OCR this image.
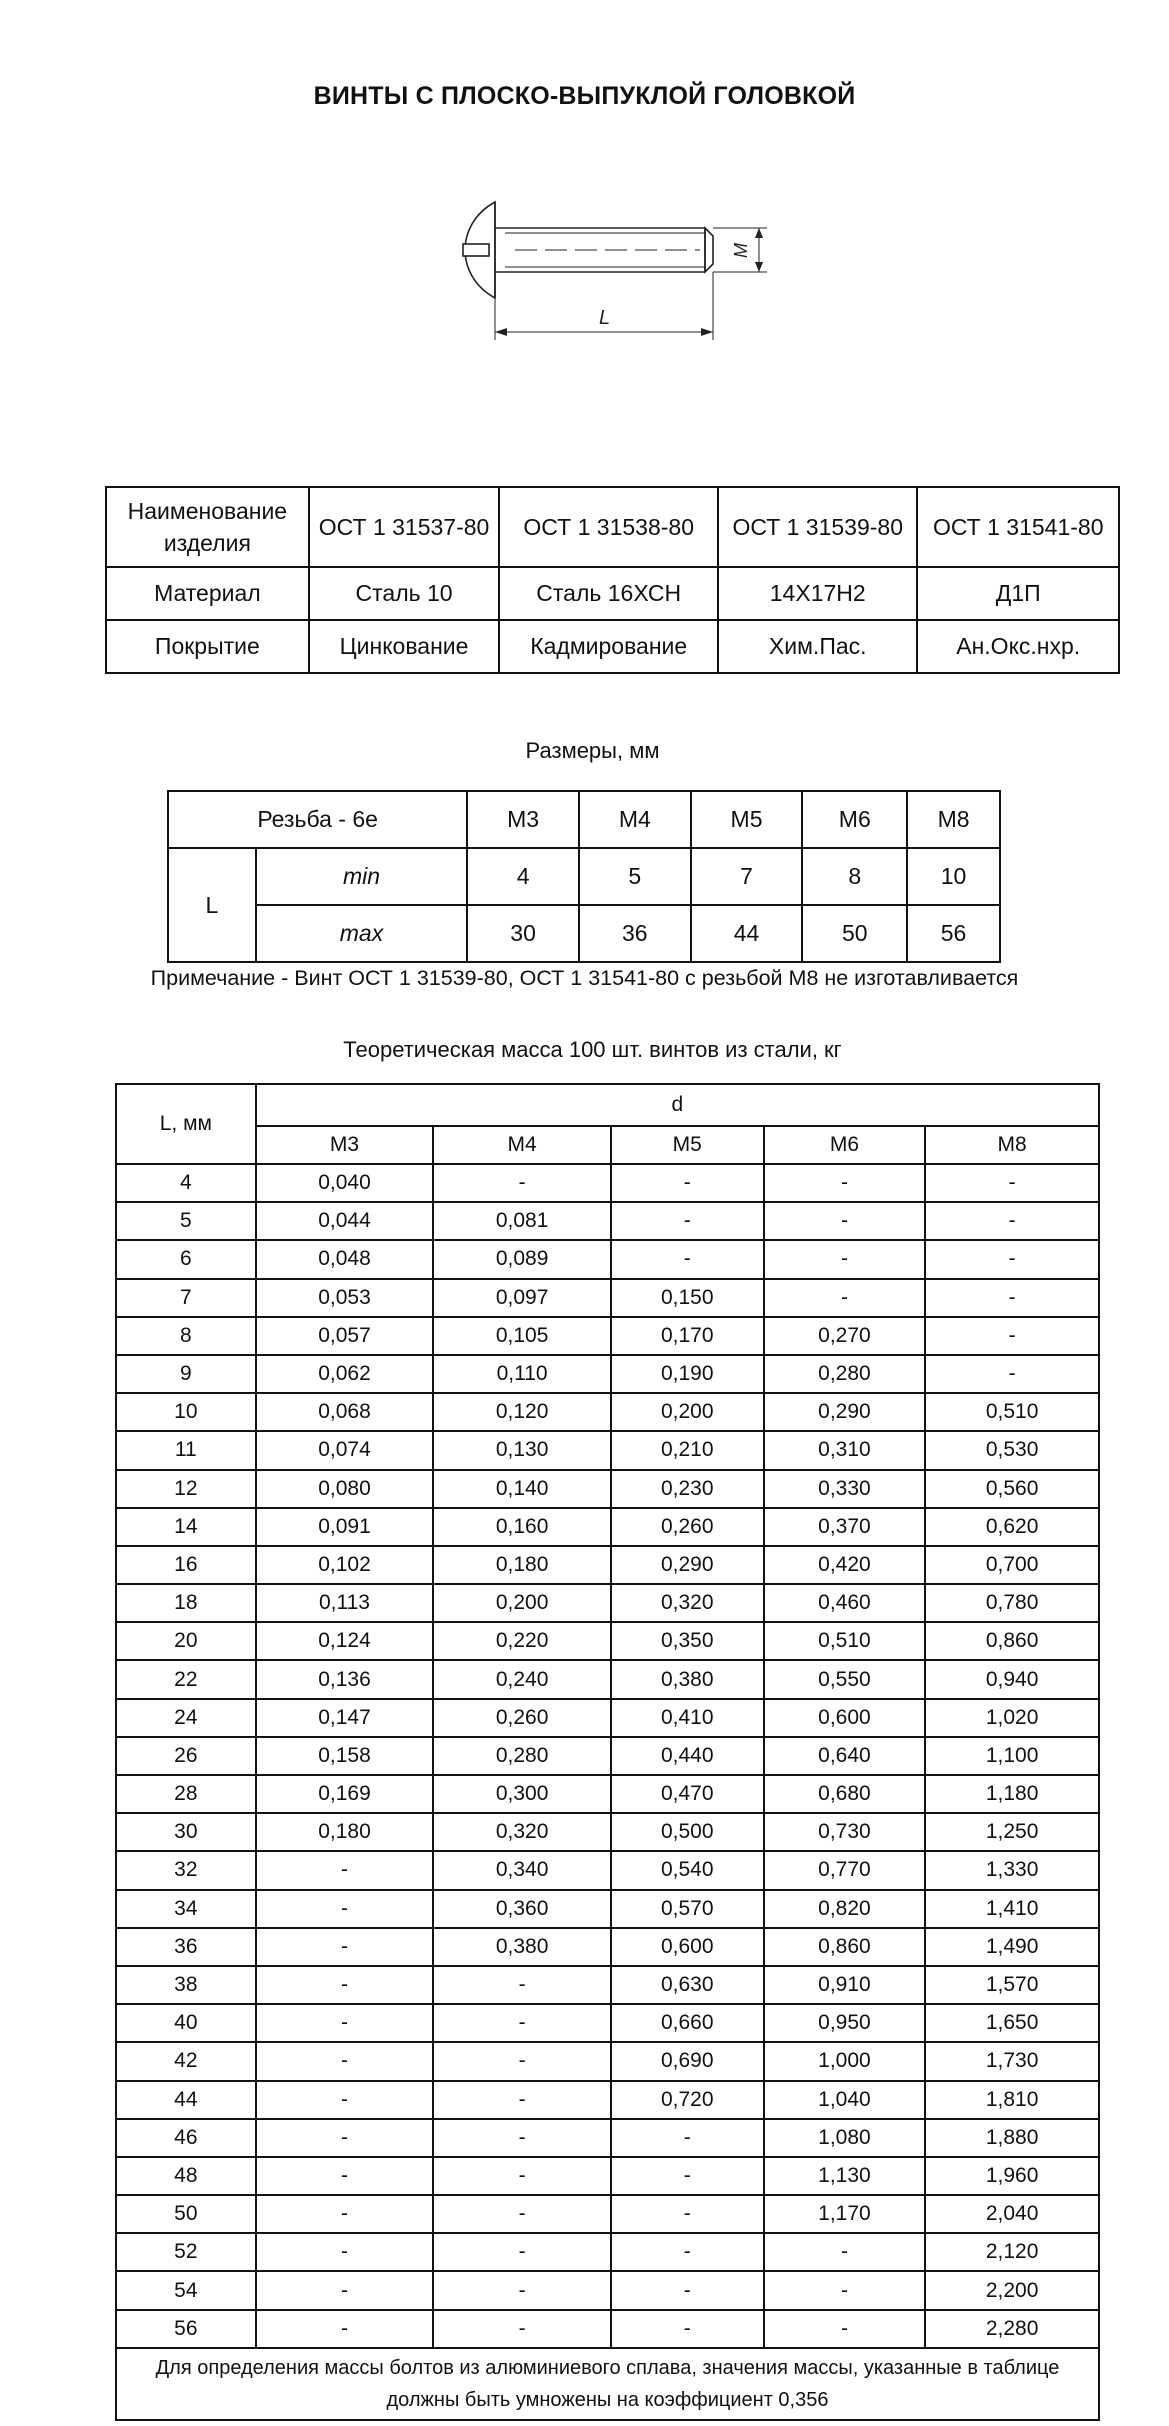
ВИНТЫ С ПЛОСКО-ВЫПУКЛОЙ ГОЛОВКОЙ
L
M
Наименование изделия	ОСТ 1 31537-80	ОСТ 1 31538-80	ОСТ 1 31539-80	ОСТ 1 31541-80
Материал	Сталь 10	Сталь 16ХСН	14Х17Н2	Д1П
Покрытие	Цинкование	Кадмирование	Хим.Пас.	Ан.Окс.нхр.
Размеры, мм
Резьба - 6е		М3	М4	М5	М6	М8
L	min	4	5	7	8	10
	max	30	36	44	50	56
Примечание - Винт ОСТ 1 31539-80, ОСТ 1 31541-80 с резьбой М8 не изготавливается
Теоретическая масса 100 шт. винтов из стали, кг
L, мм	d				
	М3	М4	М5	М6	М8
4	0,040	-	-	-	-
5	0,044	0,081	-	-	-
6	0,048	0,089	-	-	-
7	0,053	0,097	0,150	-	-
8	0,057	0,105	0,170	0,270	-
9	0,062	0,110	0,190	0,280	-
10	0,068	0,120	0,200	0,290	0,510
11	0,074	0,130	0,210	0,310	0,530
12	0,080	0,140	0,230	0,330	0,560
14	0,091	0,160	0,260	0,370	0,620
16	0,102	0,180	0,290	0,420	0,700
18	0,113	0,200	0,320	0,460	0,780
20	0,124	0,220	0,350	0,510	0,860
22	0,136	0,240	0,380	0,550	0,940
24	0,147	0,260	0,410	0,600	1,020
26	0,158	0,280	0,440	0,640	1,100
28	0,169	0,300	0,470	0,680	1,180
30	0,180	0,320	0,500	0,730	1,250
32	-	0,340	0,540	0,770	1,330
34	-	0,360	0,570	0,820	1,410
36	-	0,380	0,600	0,860	1,490
38	-	-	0,630	0,910	1,570
40	-	-	0,660	0,950	1,650
42	-	-	0,690	1,000	1,730
44	-	-	0,720	1,040	1,810
46	-	-	-	1,080	1,880
48	-	-	-	1,130	1,960
50	-	-	-	1,170	2,040
52	-	-	-	-	2,120
54	-	-	-	-	2,200
56	-	-	-	-	2,280
Для определения массы болтов из алюминиевого сплава, значения массы, указанные в таблице должны быть умножены на коэффициент 0,356					
